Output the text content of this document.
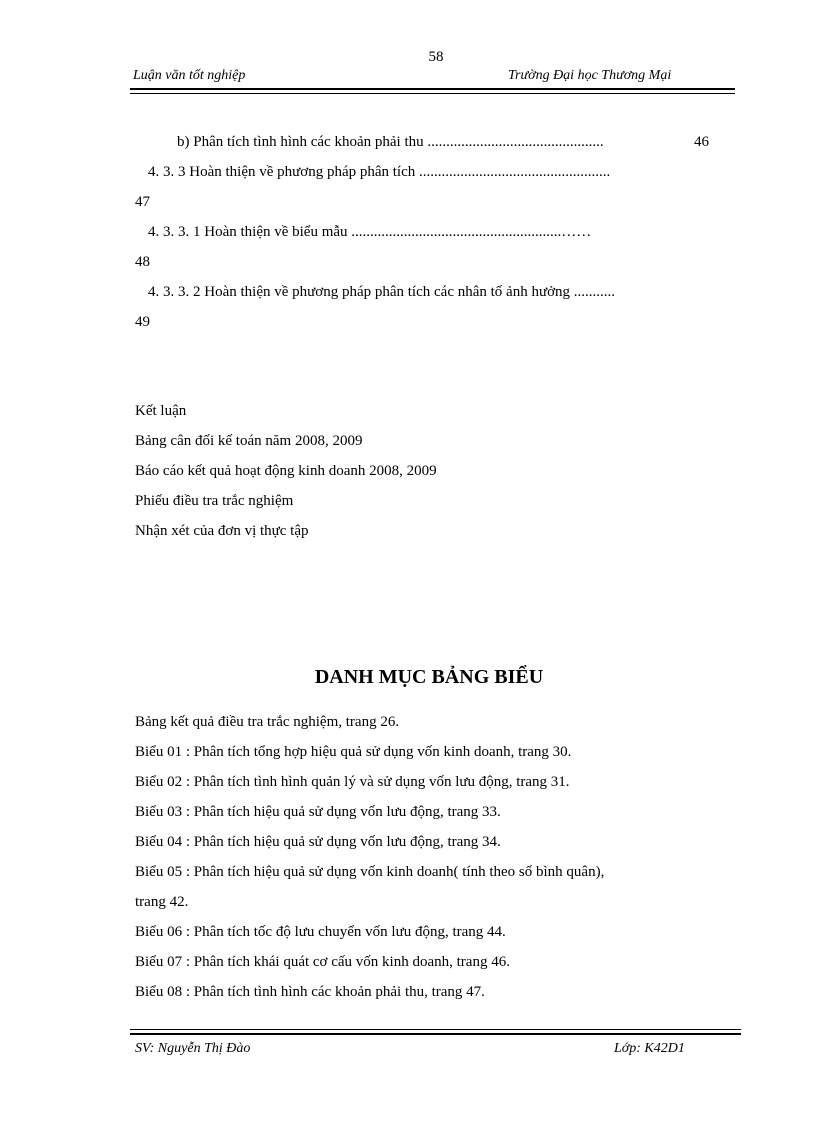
58
Luận văn tốt nghiệp	Trường Đại học Thương Mại
b) Phân tích tình hình các khoản phải thu ...............................................	46
4. 3. 3 Hoàn thiện về phương pháp phân tích ...................................................
47
4. 3. 3. 1 Hoàn thiện về biểu mẫu ........................................................……
48
4. 3. 3. 2 Hoàn thiện về phương pháp phân tích các nhân tố ảnh hưởng ...........
49
Kết luận
Bảng cân đối kế toán năm 2008, 2009
Báo cáo kết quả hoạt động kinh doanh 2008, 2009
Phiếu điều tra trắc nghiệm
Nhận xét của đơn vị thực tập
DANH MỤC BẢNG BIỂU
Bảng kết quả điều tra trắc nghiệm, trang 26.
Biểu 01 : Phân tích tổng hợp hiệu quả sử dụng vốn kinh doanh, trang 30.
Biểu 02 : Phân tích tình hình quản lý và sử dụng vốn lưu động, trang 31.
Biểu 03 : Phân tích hiệu quả sử dụng vốn lưu động, trang 33.
Biểu 04 : Phân tích hiệu quả sử dụng vốn lưu động, trang 34.
Biểu 05 : Phân tích hiệu quả sử dụng vốn kinh doanh( tính theo số bình quân),
trang 42.
Biểu 06 : Phân tích tốc độ lưu chuyển vốn lưu động, trang 44.
Biểu 07 : Phân tích khái quát cơ cấu vốn kinh doanh, trang 46.
Biểu 08 : Phân tích tình hình các khoản phải thu, trang 47.
SV: Nguyễn Thị Đào	Lớp: K42D1
